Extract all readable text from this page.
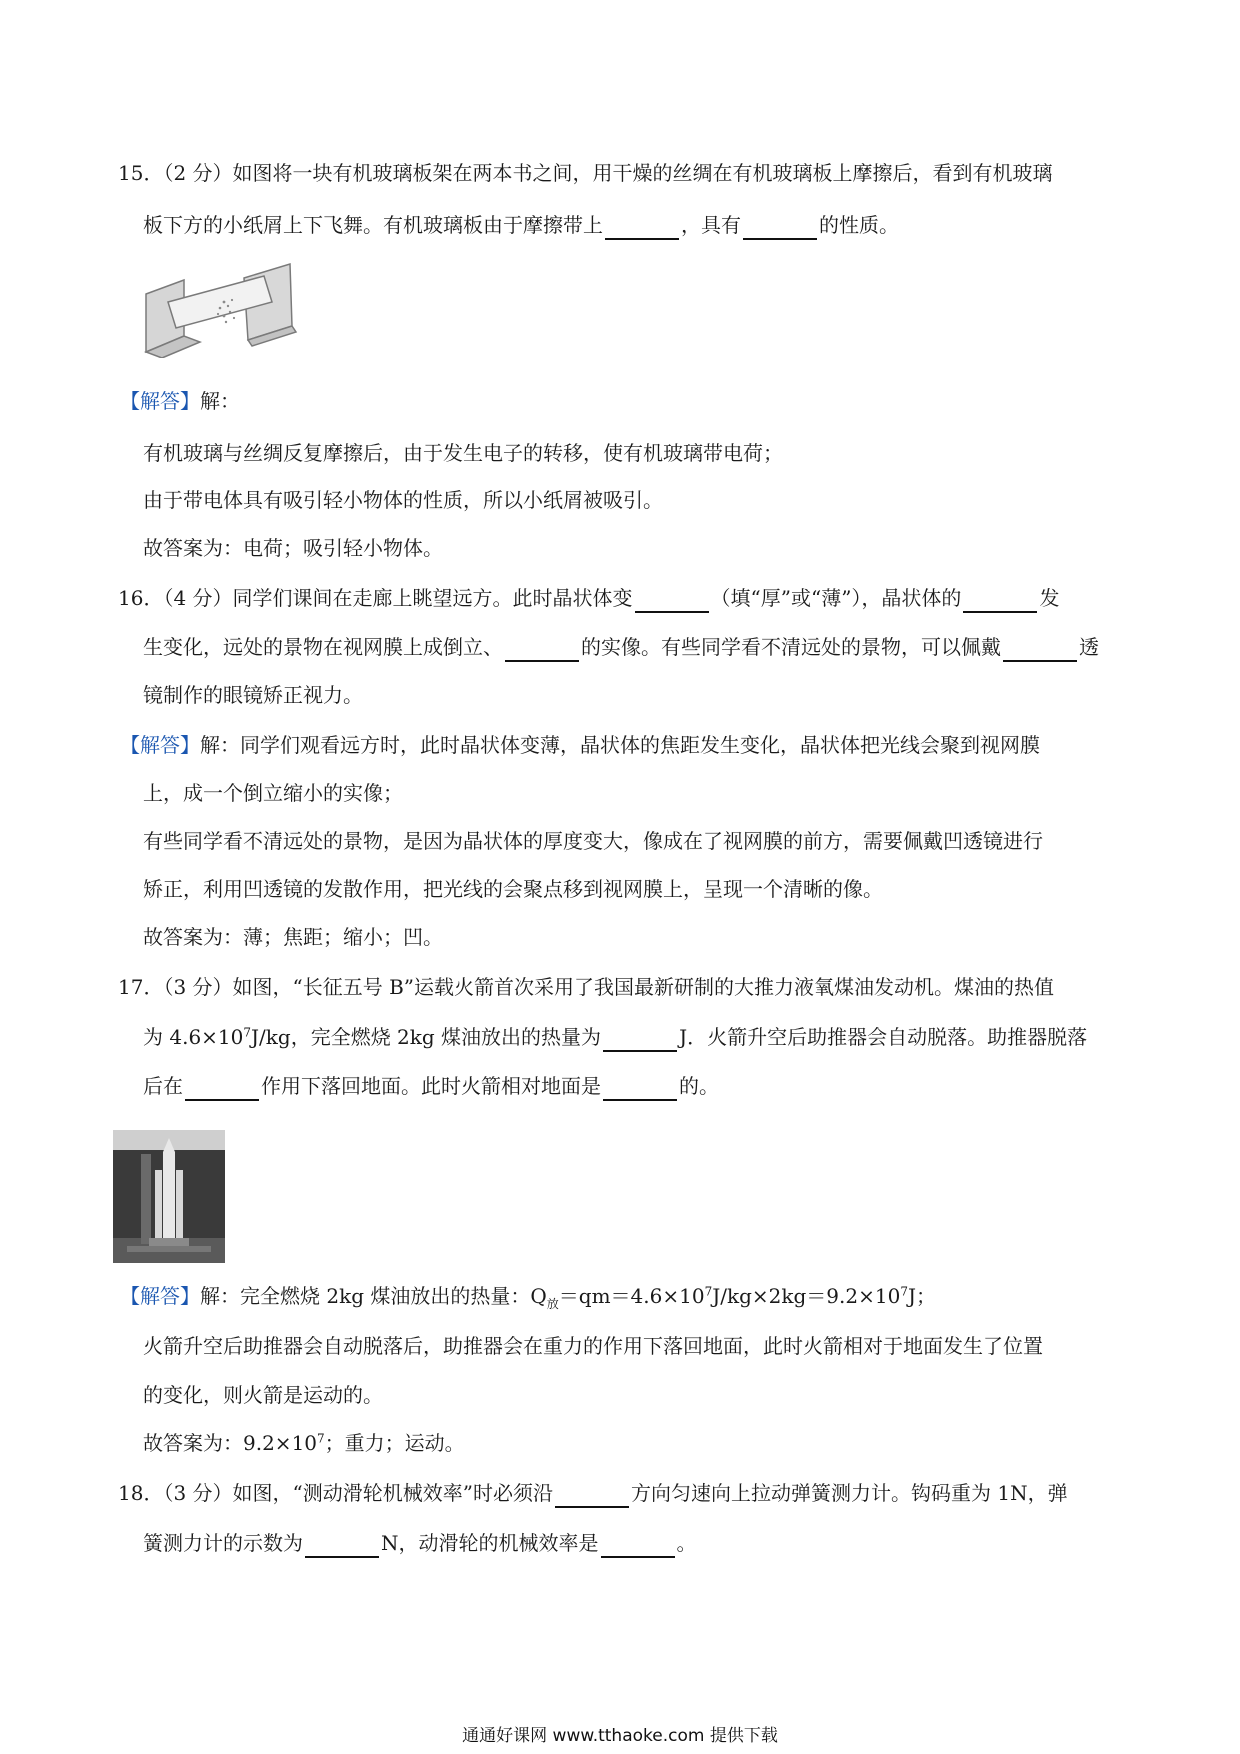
15．（2 分）如图将一块有机玻璃板架在两本书之间，用干燥的丝绸在有机玻璃板上摩擦后，看到有机玻璃
板下方的小纸屑上下飞舞。有机玻璃板由于摩擦带上	，具有	的性质。
【解答】解：
有机玻璃与丝绸反复摩擦后，由于发生电子的转移，使有机玻璃带电荷；
由于带电体具有吸引轻小物体的性质，所以小纸屑被吸引。
故答案为：电荷；吸引轻小物体。
16．（4 分）同学们课间在走廊上眺望远方。此时晶状体变	（填“厚”或“薄”），晶状体的	发
生变化，远处的景物在视网膜上成倒立、	的实像。有些同学看不清远处的景物，可以佩戴	透
镜制作的眼镜矫正视力。
【解答】解：同学们观看远方时，此时晶状体变薄，晶状体的焦距发生变化，晶状体把光线会聚到视网膜
上，成一个倒立缩小的实像；
有些同学看不清远处的景物，是因为晶状体的厚度变大，像成在了视网膜的前方，需要佩戴凹透镜进行
矫正，利用凹透镜的发散作用，把光线的会聚点移到视网膜上，呈现一个清晰的像。
故答案为：薄；焦距；缩小；凹。
17．（3 分）如图，“长征五号 B”运载火箭首次采用了我国最新研制的大推力液氧煤油发动机。煤油的热值
为 $4.6\times 10^7J/kg$，完全燃烧 2kg 煤油放出的热量为	J．火箭升空后助推器会自动脱落。助推器脱落
后在	作用下落回地面。此时火箭相对地面是	的。
【解答】解：完全燃烧 2kg 煤油放出的热量：$Q_放=qm=4.6\times 10^7J/kg\times 2kg=9.2\times 10^7J$；
火箭升空后助推器会自动脱落后，助推器会在重力的作用下落回地面，此时火箭相对于地面发生了位置
的变化，则火箭是运动的。
故答案为：$9.2\times 10^7$；重力；运动。
18．（3 分）如图，“测动滑轮机械效率”时必须沿	方向匀速向上拉动弹簧测力计。钩码重为 1N，弹
簧测力计的示数为	N，动滑轮的机械效率是	。
通通好课网 www.tthaoke.com 提供下载
